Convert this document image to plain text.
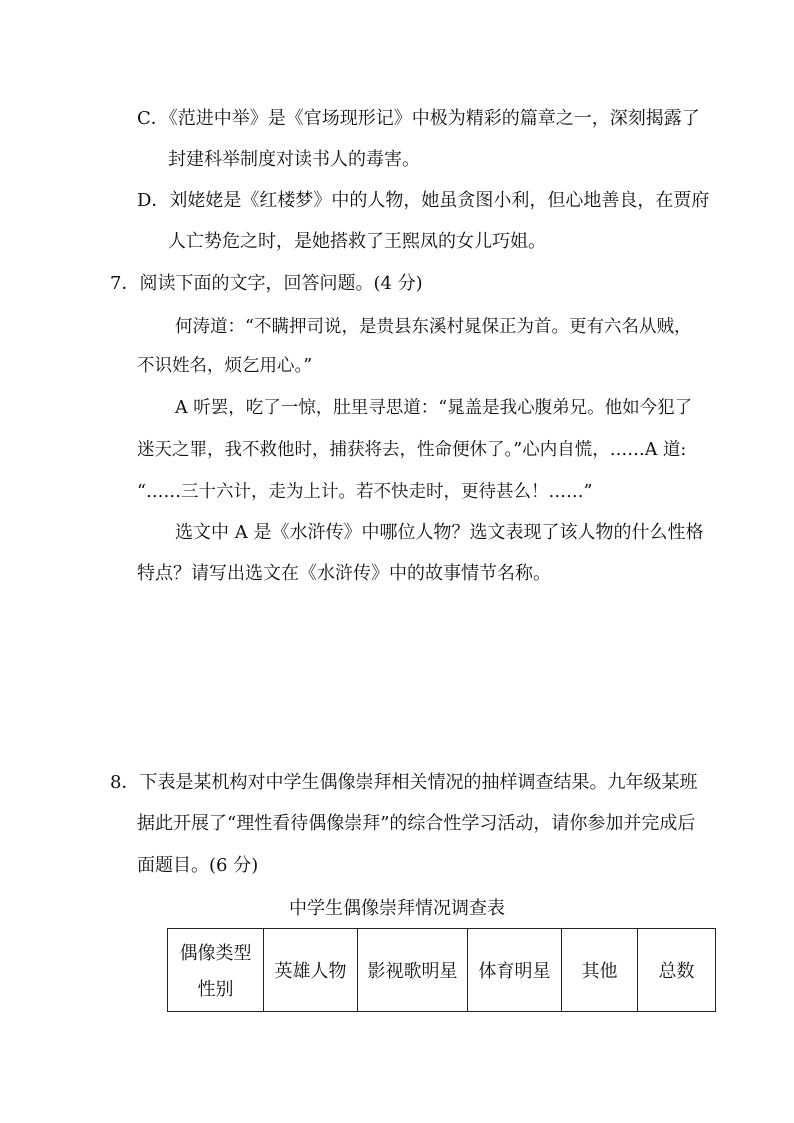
C．《范进中举》是《官场现形记》中极为精彩的篇章之一，深刻揭露了
封建科举制度对读书人的毒害。
D．刘姥姥是《红楼梦》中的人物，她虽贪图小利，但心地善良，在贾府
人亡势危之时，是她搭救了王熙凤的女儿巧姐。
7．阅读下面的文字，回答问题。(4 分)
何涛道：“不瞒押司说，是贵县东溪村晁保正为首。更有六名从贼，
不识姓名，烦乞用心。”
A 听罢，吃了一惊，肚里寻思道：“晁盖是我心腹弟兄。他如今犯了
迷天之罪，我不救他时，捕获将去，性命便休了。”心内自慌，……A 道:
“……三十六计，走为上计。若不快走时，更待甚么！……”
选文中 A 是《水浒传》中哪位人物？选文表现了该人物的什么性格
特点？请写出选文在《水浒传》中的故事情节名称。
8．下表是某机构对中学生偶像崇拜相关情况的抽样调查结果。九年级某班
据此开展了“理性看待偶像崇拜”的综合性学习活动，请你参加并完成后
面题目。(6 分)
中学生偶像崇拜情况调查表
偶像类型
性别
	英雄人物	影视歌明星	体育明星	其他	总数
